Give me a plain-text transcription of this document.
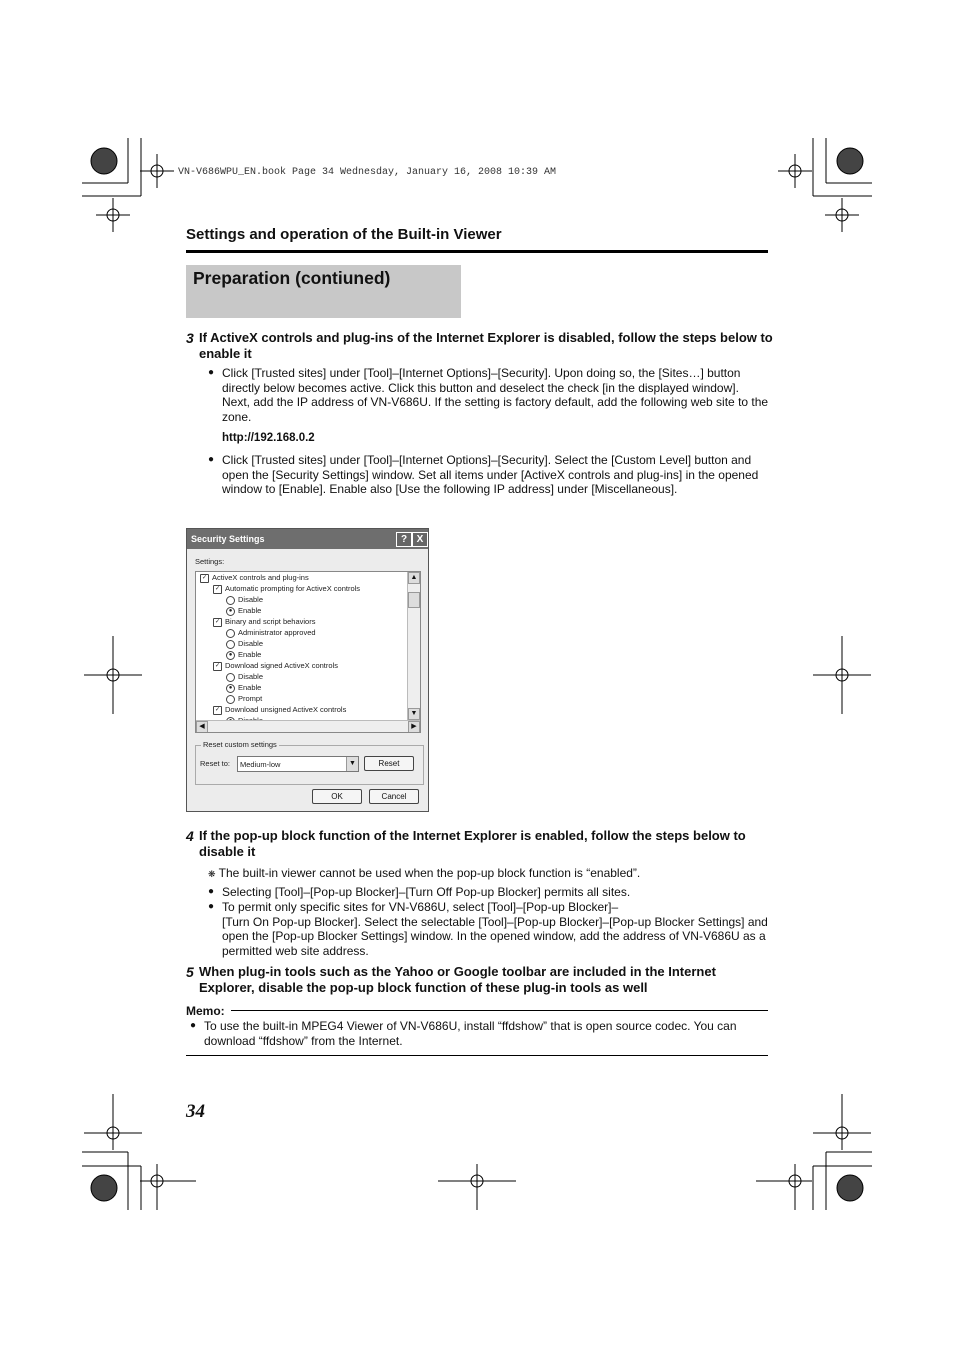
VN-V686WPU_EN.book Page 34 Wednesday, January 16, 2008 10:39 AM
Settings and operation of the Built-in Viewer
Preparation (contiuned)
3 If ActiveX controls and plug-ins of the Internet Explorer is disabled, follow the steps below to enable it
● Click [Trusted sites] under [Tool]–[Internet Options]–[Security]. Upon doing so, the [Sites…] button directly below becomes active. Click this button and deselect the check [in the displayed window]. Next, add the IP address of VN-V686U. If the setting is factory default, add the following web site to the zone.
http://192.168.0.2
● Click [Trusted sites] under [Tool]–[Internet Options]–[Security]. Select the [Custom Level] button and open the [Security Settings] window. Set all items under [ActiveX controls and plug-ins] in the opened window to [Enable]. Enable also [Use the following IP address] under [Miscellaneous].
Security Settings	? X
Settings:
✓ ActiveX controls and plug-ins
✓ Automatic prompting for ActiveX controls
Disable
● Enable
✓ Binary and script behaviors
Administrator approved
Disable
● Enable
✓ Download signed ActiveX controls
Disable
● Enable
Prompt
✓ Download unsigned ActiveX controls
▲
▼
◀	▶
Reset custom settings
Reset to: Medium-low	▼	Reset
OK	Cancel
4 If the pop-up block function of the Internet Explorer is enabled, follow the steps below to disable it
❋ The built-in viewer cannot be used when the pop-up block function is “enabled”.
● Selecting [Tool]–[Pop-up Blocker]–[Turn Off Pop-up Blocker] permits all sites.
● To permit only specific sites for VN-V686U, select [Tool]–[Pop-up Blocker]–
[Turn On Pop-up Blocker]. Select the selectable [Tool]–[Pop-up Blocker]–[Pop-up Blocker Settings] and open the [Pop-up Blocker Settings] window. In the opened window, add the address of VN-V686U as a permitted web site address.
5 When plug-in tools such as the Yahoo or Google toolbar are included in the Internet Explorer, disable the pop-up block function of these plug-in tools as well
Memo:
● To use the built-in MPEG4 Viewer of VN-V686U, install “ffdshow” that is open source codec. You can download “ffdshow” from the Internet.
34
